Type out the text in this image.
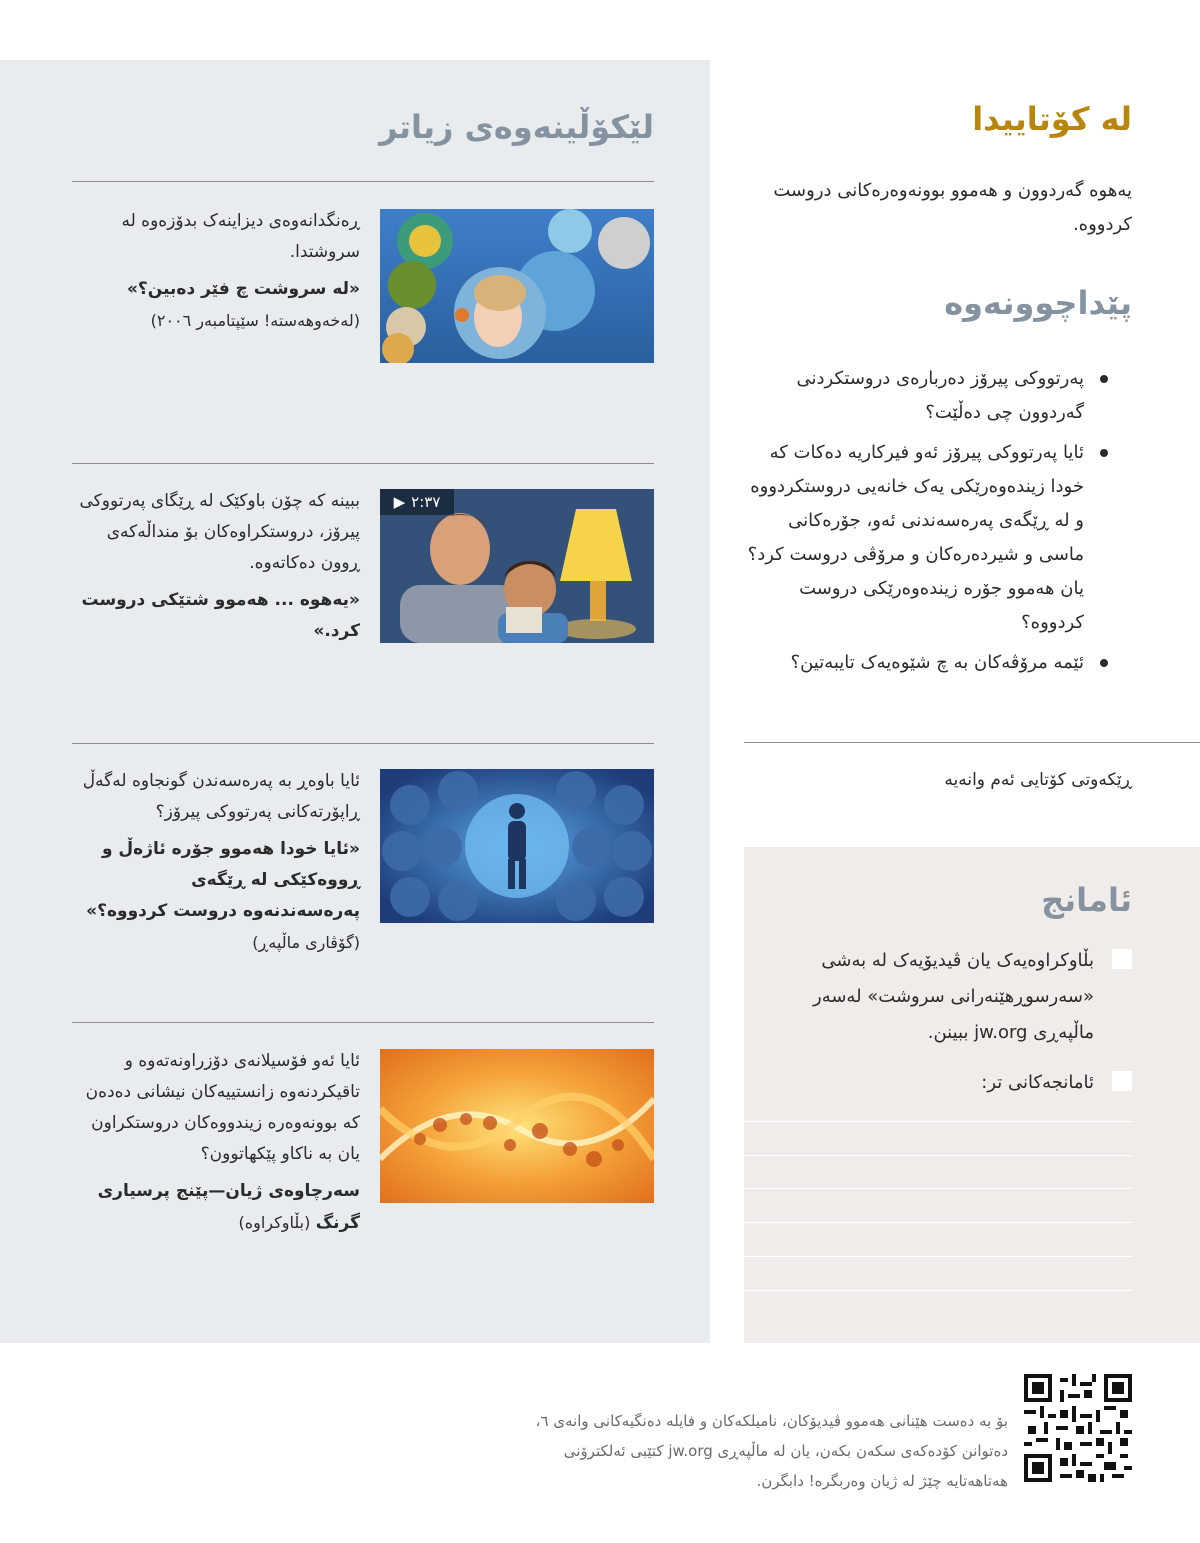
لێکۆڵینەوەی زیاتر
ڕەنگدانەوەی دیزاینەک بدۆزەوە لە سروشتدا.
«لە سروشت چ فێر دەبین؟»
(لەخەوهەستە! سێپتامبەر ٢٠٠٦)
▶ ٢:٣٧
ببینە کە چۆن باوکێک لە ڕێگای پەرتووکی پیرۆز، دروستکراوەکان بۆ منداڵەکەی ڕوون دەکاتەوە.
«یەهوە ... هەموو شتێکی دروست کرد.»
ئایا باوەڕ بە پەرەسەندن گونجاوە لەگەڵ ڕاپۆرتەکانی پەرتووکی پیرۆز؟
«ئایا خودا هەموو جۆرە ئاژەڵ و ڕووەکێکی لە ڕێگەی پەرەسەندنەوە دروست کردووە؟» (گۆڤاری ماڵپەڕ)
ئایا ئەو فۆسیلانەی دۆزراونەتەوە و تاقیکردنەوە زانستییەکان نیشانی دەدەن کە بوونەوەرە زیندووەکان دروستکراون یان بە ناکاو پێکهاتوون؟
سەرچاوەی ژیان—پێنج پرسیاری گرنگ (بڵاوکراوە)
لە کۆتاییدا

یەهوە گەردوون و هەموو بوونەوەرەکانی دروست کردووە.

پێداچوونەوە
پەرتووکی پیرۆز دەربارەی دروستکردنی گەردوون چی دەڵێت؟
ئایا پەرتووکی پیرۆز ئەو فیرکاریە دەکات کە خودا زیندەوەرێکی یەک خانەیی دروستکردووە و لە ڕێگەی پەرەسەندنی ئەو، جۆرەکانی ماسی و شیردەرەکان و مرۆڤی دروست کرد؟ یان هەموو جۆرە زیندەوەرێکی دروست کردووە؟
ئێمە مرۆڤەکان بە چ شێوەیەک تایبەتین؟

ڕێکەوتی کۆتایی ئەم وانەیە

ئامانج
بڵاوکراوەیەک یان ڤیدیۆیەک لە بەشی «سەرسوڕهێنەرانی سروشت» لەسەر ماڵپەڕی jw.org ببینن.
ئامانجەکانی تر:

بۆ بە دەست هێنانی هەموو ڤیدیۆکان، نامیلکەکان و فایلە دەنگیەکانی وانەی ٦، دەتوانن کۆدەکەی سکەن بکەن، یان لە ماڵپەڕی jw.org کتێبی ئەلکترۆنی هەتاهەتایە چێژ لە ژیان وەربگرە! دابگرن.
